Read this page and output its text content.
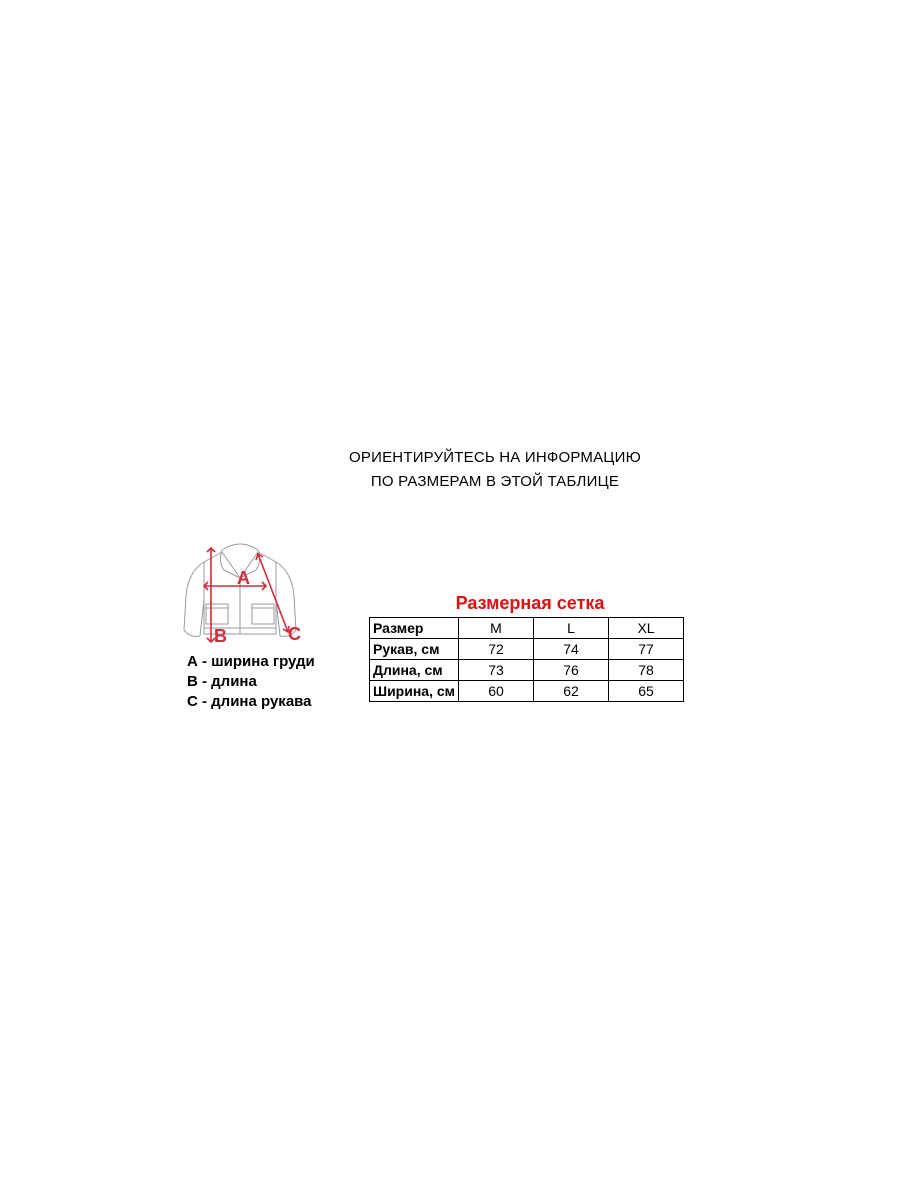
ОРИЕНТИРУЙТЕСЬ НА ИНФОРМАЦИЮ
ПО РАЗМЕРАМ В ЭТОЙ ТАБЛИЦЕ
A
B	C
А - ширина груди
В - длина
С - длина рукава
Размерная сетка
Размер	M	L	XL
Рукав, см	72	74	77
Длина, см	73	76	78
Ширина, см	60	62	65
